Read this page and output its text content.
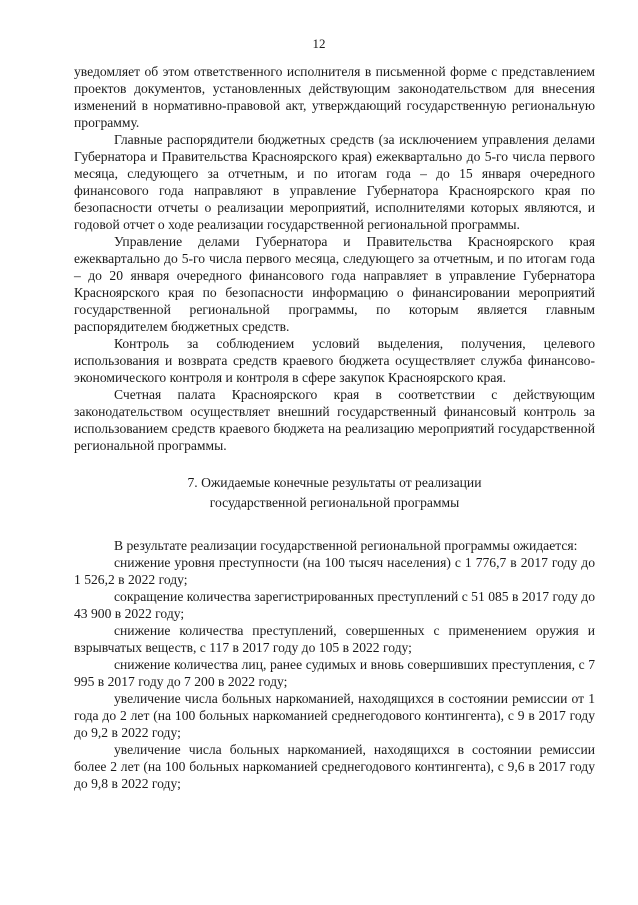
12

уведомляет об этом ответственного исполнителя в письменной форме с представлением проектов документов, установленных действующим законодательством для внесения изменений в нормативно-правовой акт, утверждающий государственную региональную программу.

Главные распорядители бюджетных средств (за исключением управления делами Губернатора и Правительства Красноярского края) ежеквартально до 5-го числа первого месяца, следующего за отчетным, и по итогам года – до 15 января очередного финансового года направляют в управление Губернатора Красноярского края по безопасности отчеты о реализации мероприятий, исполнителями которых являются, и годовой отчет о ходе реализации государственной региональной программы.

Управление делами Губернатора и Правительства Красноярского края ежеквартально до 5-го числа первого месяца, следующего за отчетным, и по итогам года – до 20 января очередного финансового года направляет в управление Губернатора Красноярского края по безопасности информацию о финансировании мероприятий государственной региональной программы, по которым является главным распорядителем бюджетных средств.

Контроль за соблюдением условий выделения, получения, целевого использования и возврата средств краевого бюджета осуществляет служба финансово-экономического контроля и контроля в сфере закупок Красноярского края.

Счетная палата Красноярского края в соответствии с действующим законодательством осуществляет внешний государственный финансовый контроль за использованием средств краевого бюджета на реализацию мероприятий государственной региональной программы.

7. Ожидаемые конечные результаты от реализации

государственной региональной программы

В результате реализации государственной региональной программы ожидается:

снижение уровня преступности (на 100 тысяч населения) с 1 776,7 в 2017 году до 1 526,2 в 2022 году;

сокращение количества зарегистрированных преступлений с 51 085 в 2017 году до 43 900 в 2022 году;

снижение количества преступлений, совершенных с применением оружия и взрывчатых веществ, с 117 в 2017 году до 105 в 2022 году;

снижение количества лиц, ранее судимых и вновь совершивших преступления, с 7 995 в 2017 году до 7 200 в 2022 году;

увеличение числа больных наркоманией, находящихся в состоянии ремиссии от 1 года до 2 лет (на 100 больных наркоманией среднегодового контингента), с 9 в 2017 году до 9,2 в 2022 году;

увеличение числа больных наркоманией, находящихся в состоянии ремиссии более 2 лет (на 100 больных наркоманией среднегодового контингента), с 9,6 в 2017 году до 9,8 в 2022 году;
